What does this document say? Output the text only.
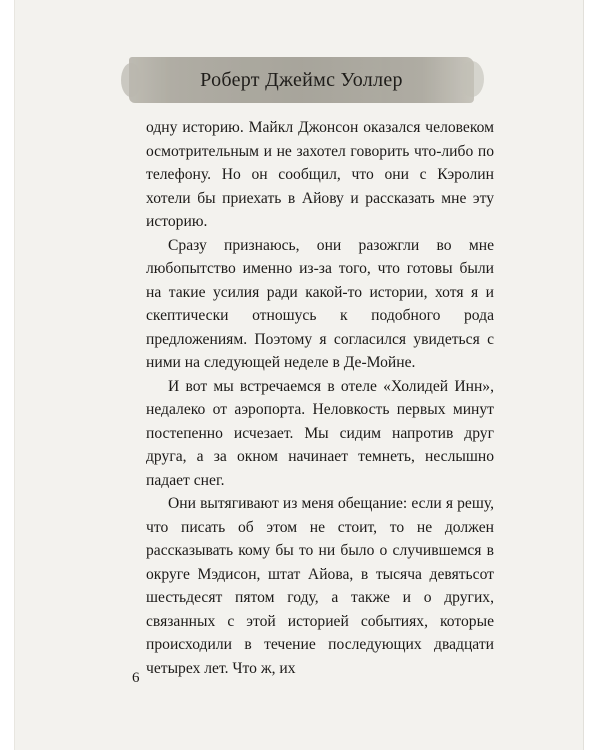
Роберт Джеймс Уоллер

одну историю. Майкл Джонсон оказался человеком осмотрительным и не захотел говорить что-либо по телефону. Но он сообщил, что они с Кэролин хотели бы приехать в Айову и рассказать мне эту историю.

Сразу признаюсь, они разожгли во мне любопытство именно из-за того, что готовы были на такие усилия ради какой-то истории, хотя я и скептически отношусь к подобного рода предложениям. Поэтому я согласился увидеться с ними на следующей неделе в Де-Мойне.

И вот мы встречаемся в отеле «Холидей Инн», недалеко от аэропорта. Неловкость первых минут постепенно исчезает. Мы сидим напротив друг друга, а за окном начинает темнеть, неслышно падает снег.

Они вытягивают из меня обещание: если я решу, что писать об этом не стоит, то не должен рассказывать кому бы то ни было о случившемся в округе Мэдисон, штат Айова, в тысяча девятьсот шестьдесят пятом году, а также и о других, связанных с этой историей событиях, которые происходили в течение последующих двадцати четырех лет. Что ж, их

6
